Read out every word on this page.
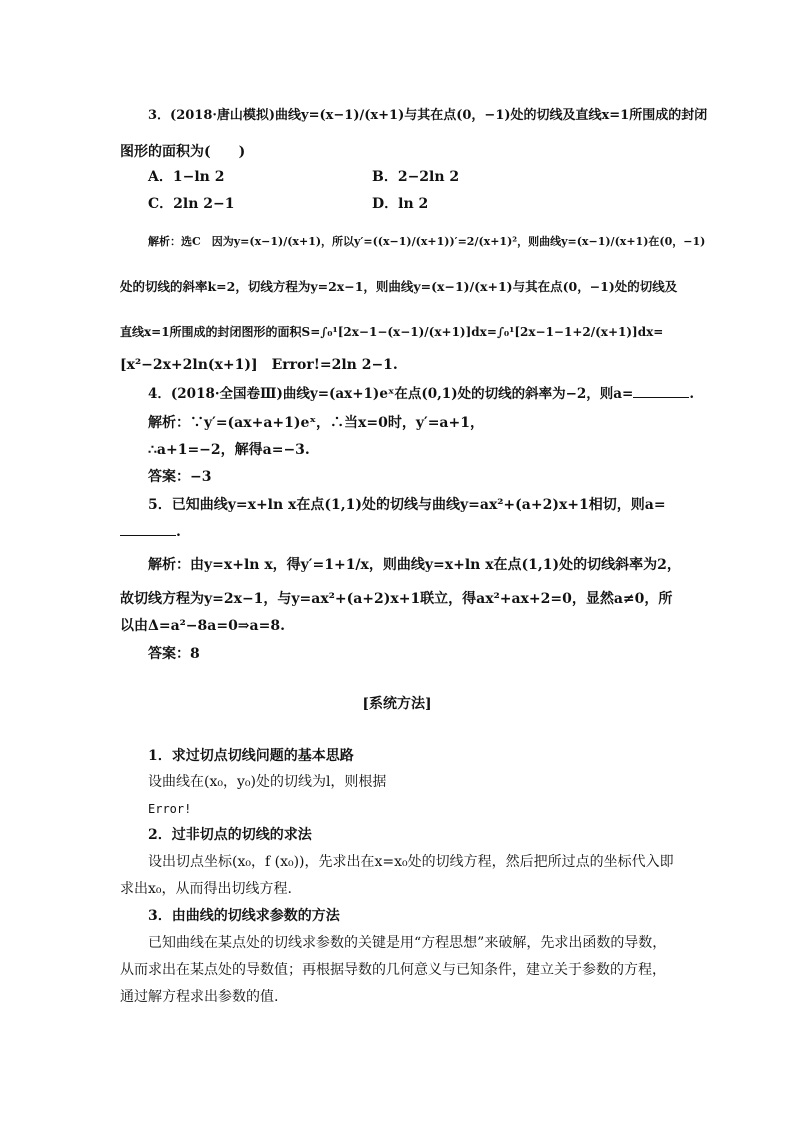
3．(2018·唐山模拟)曲线y=(x−1)/(x+1)与其在点(0，−1)处的切线及直线x=1所围成的封闭
图形的面积为(　　)
A．1−ln 2	B．2−2ln 2
C．2ln 2−1	D．ln 2
解析：选C　因为y=(x−1)/(x+1)，所以y′=((x−1)/(x+1))′=2/(x+1)²，则曲线y=(x−1)/(x+1)在(0，−1)
处的切线的斜率k=2，切线方程为y=2x−1，则曲线y=(x−1)/(x+1)与其在点(0，−1)处的切线及
直线x=1所围成的封闭图形的面积S=∫₀¹[2x−1−(x−1)/(x+1)]dx=∫₀¹[2x−1−1+2/(x+1)]dx=
[x²−2x+2ln(x+1)]　Error!=2ln 2−1.
4．(2018·全国卷Ⅲ)曲线y=(ax+1)eˣ在点(0,1)处的切线的斜率为−2，则a=	.
解析：∵y′=(ax+a+1)eˣ，∴当x=0时，y′=a+1，
∴a+1=−2，解得a=−3.
答案：−3
5．已知曲线y=x+ln x在点(1,1)处的切线与曲线y=ax²+(a+2)x+1相切，则a=
.
解析：由y=x+ln x，得y′=1+1/x，则曲线y=x+ln x在点(1,1)处的切线斜率为2，
故切线方程为y=2x−1，与y=ax²+(a+2)x+1联立，得ax²+ax+2=0，显然a≠0，所
以由Δ=a²−8a=0⇒a=8.
答案：8
[系统方法]
1．求过切点切线问题的基本思路
设曲线在(x₀，y₀)处的切线为l，则根据
Error!
2．过非切点的切线的求法
设出切点坐标(x₀，f (x₀))，先求出在x=x₀处的切线方程，然后把所过点的坐标代入即
求出x₀，从而得出切线方程.
3．由曲线的切线求参数的方法
已知曲线在某点处的切线求参数的关键是用“方程思想”来破解，先求出函数的导数，
从而求出在某点处的导数值；再根据导数的几何意义与已知条件，建立关于参数的方程，
通过解方程求出参数的值.
